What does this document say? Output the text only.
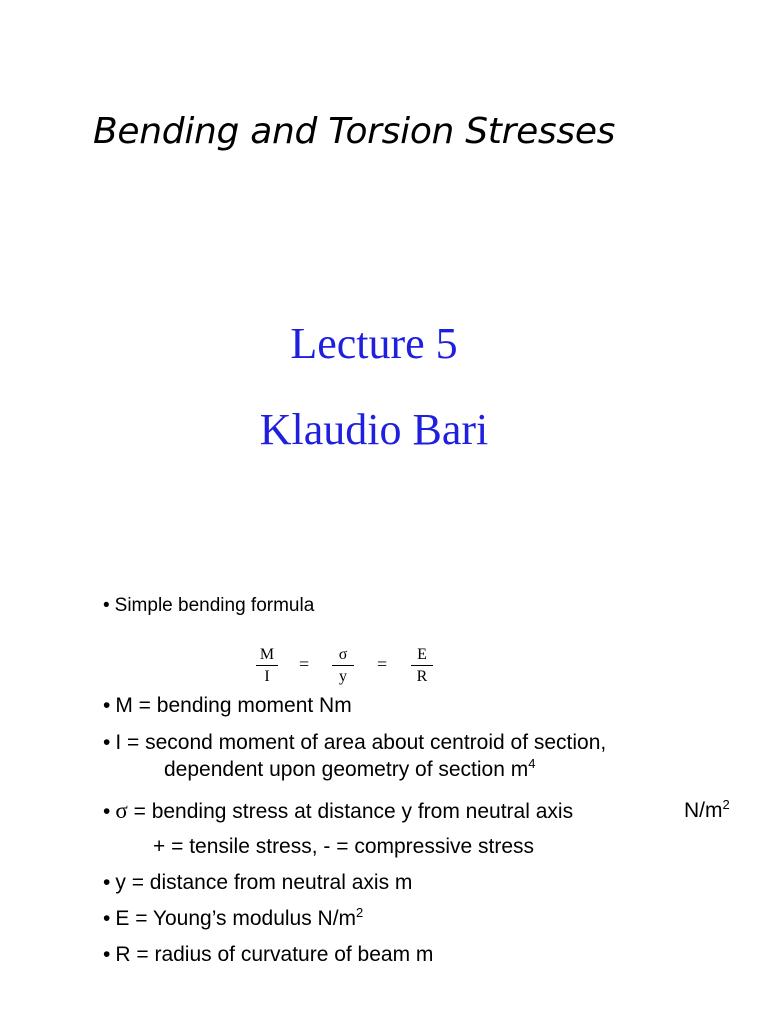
Bending and Torsion Stresses
Lecture 5
Klaudio Bari
• Simple bending formula
$\frac{M}{I} = \frac{\sigma}{y} = \frac{E}{R}$
• M = bending moment Nm
• I = second moment of area about centroid of section,
dependent upon geometry of section $m^4$
• σ = bending stress at distance y from neutral axis	$N/m^2$
+ = tensile stress, - = compressive stress
• y = distance from neutral axis m
• E = Young’s modulus $N/m^2$
• R = radius of curvature of beam m
